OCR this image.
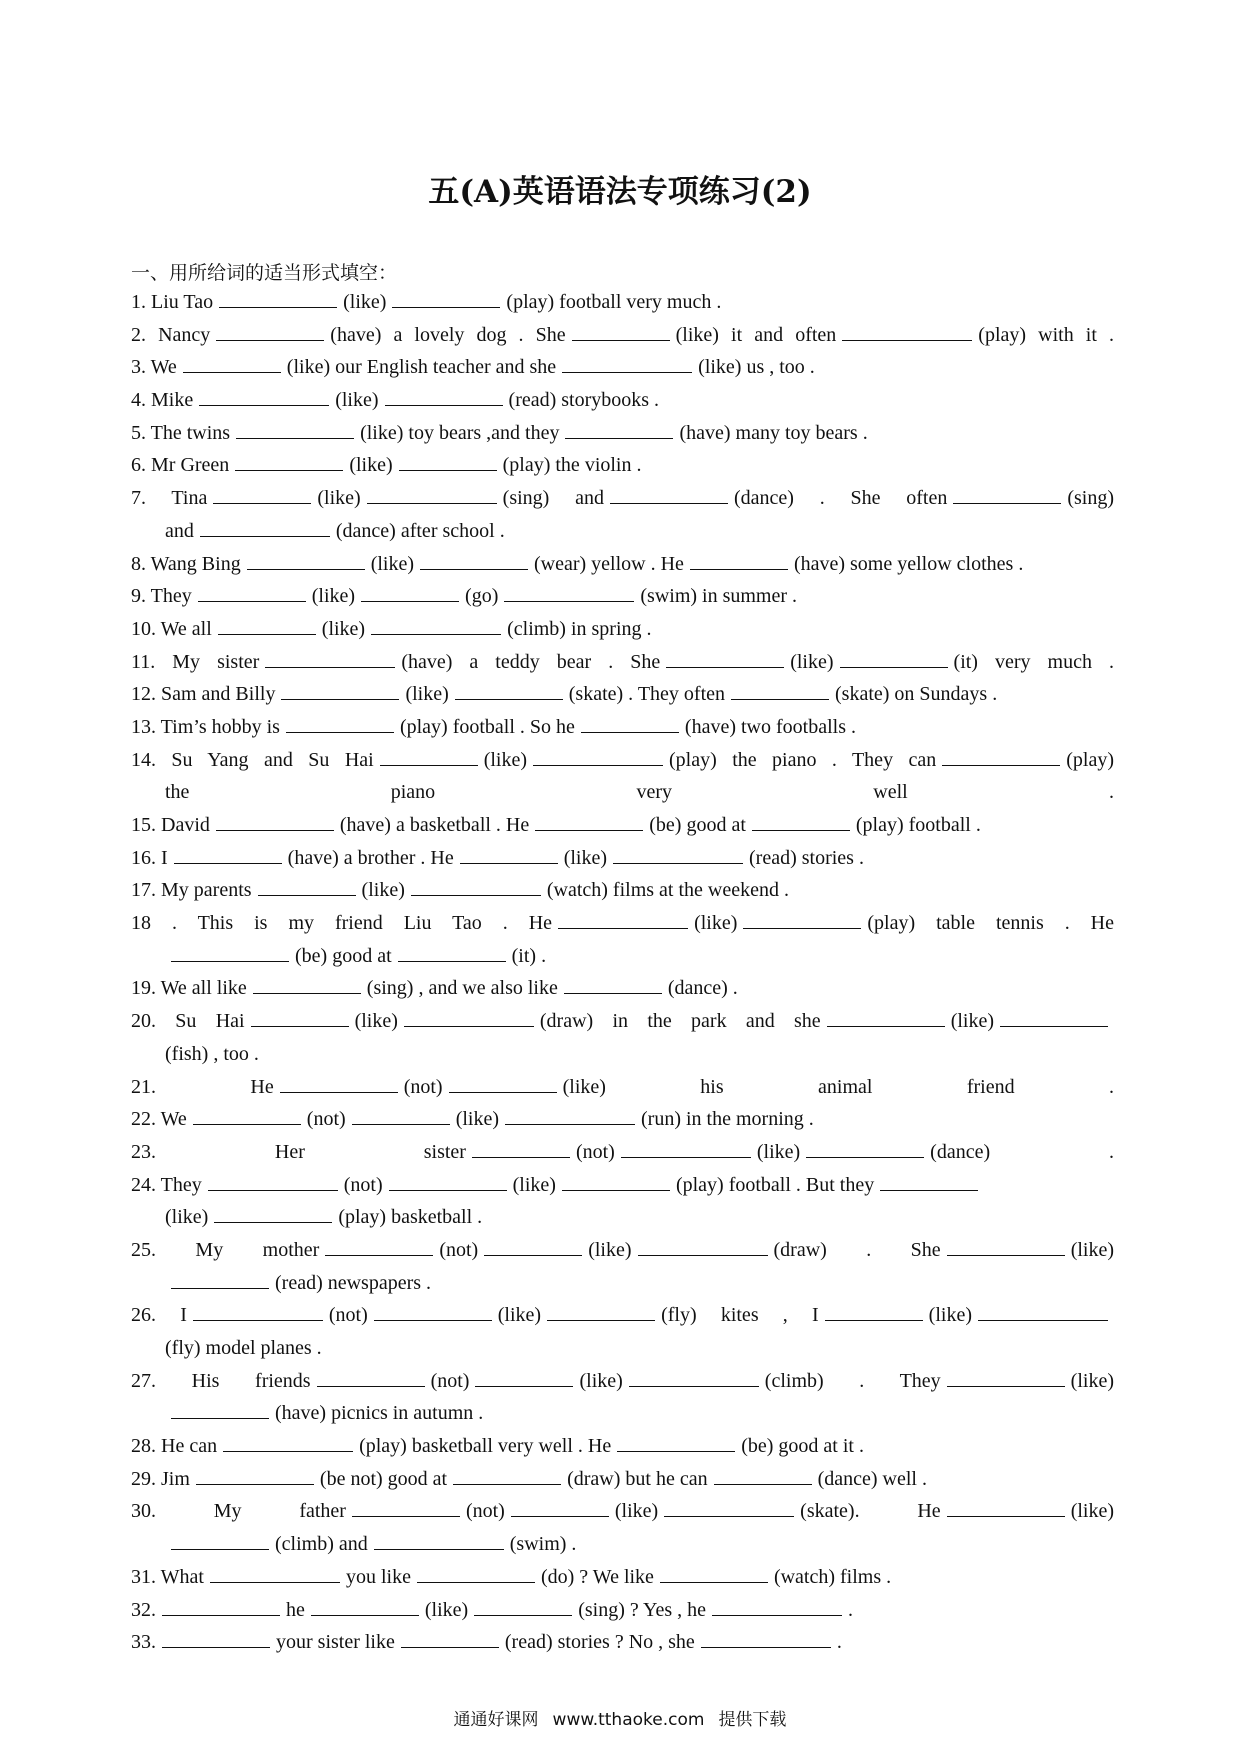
五(A)英语语法专项练习(2)
一、用所给词的适当形式填空：
1. Liu Tao	(like)	(play) football very much .
2. Nancy	(have) a lovely dog . She	(like) it and often	(play) with it .
3. We	(like) our English teacher and she	(like) us , too .
4. Mike	(like)	(read) storybooks .
5. The twins	(like) toy bears ,and they	(have) many toy bears .
6. Mr Green	(like)	(play) the violin .
7. Tina	(like)	(sing) and	(dance) . She often	(sing)
and	(dance) after school .
8. Wang Bing	(like)	(wear) yellow . He	(have) some yellow clothes .
9. They	(like)	(go)	(swim) in summer .
10. We all	(like)	(climb) in spring .
11. My sister	(have) a teddy bear . She	(like)	(it) very much .
12. Sam and Billy	(like)	(skate) . They often	(skate) on Sundays .
13. Tim’s hobby is	(play) football . So he	(have) two footballs .
14. Su Yang and Su Hai	(like)	(play) the piano . They can	(play)
the piano very well .
15. David	(have) a basketball . He	(be) good at	(play) football .
16. I	(have) a brother . He	(like)	(read) stories .
17. My parents	(like)	(watch) films at the weekend .
18 . This is my friend Liu Tao . He	(like)	(play) table tennis . He
(be) good at	(it) .
19. We all like	(sing) , and we also like	(dance) .
20. Su Hai	(like)	(draw) in the park and she	(like)
(fish) , too .
21. He	(not)	(like) his animal friend .
22. We	(not)	(like)	(run) in the morning .
23. Her sister	(not)	(like)	(dance) .
24. They	(not)	(like)	(play) football . But they
(like)	(play) basketball .
25. My mother	(not)	(like)	(draw) . She	(like)
(read) newspapers .
26. I	(not)	(like)	(fly) kites , I	(like)
(fly) model planes .
27. His friends	(not)	(like)	(climb) . They	(like)
(have) picnics in autumn .
28. He can	(play) basketball very well . He	(be) good at it .
29. Jim	(be not) good at	(draw) but he can	(dance) well .
30. My father	(not)	(like)	(skate). He	(like)
(climb) and	(swim) .
31. What	you like	(do) ? We like	(watch) films .
32.	he	(like)	(sing) ? Yes , he	.
33.	your sister like	(read) stories ? No , she	.
通通好课网 www.tthaoke.com 提供下载
